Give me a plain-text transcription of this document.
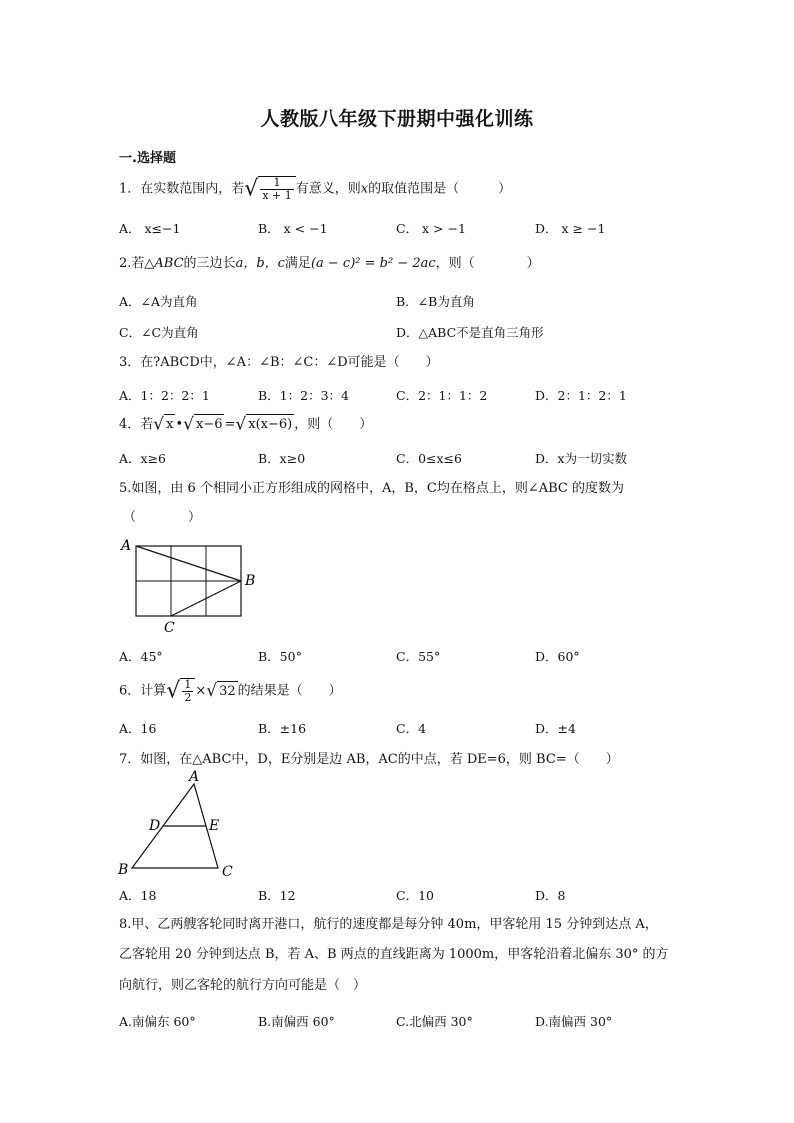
人教版八年级下册期中强化训练
一.选择题
1．在实数范围内，若√ $\frac{1}{x + 1}$ 有意义，则x的取值范围是（　　　）
A． x≤−1	B． x < −1	C． x > −1	D． x ≥ −1
2.若△ABC的三边长a，b，c满足(a − c)² = b² − 2ac，则（　　　　）
A．∠A为直角	B．∠B为直角
C．∠C为直角	D．△ABC不是直角三角形
3．在?ABCD中，∠A：∠B：∠C：∠D可能是（　　）
A．1：2：2：1	B．1：2：3：4	C．2：1：1：2	D．2：1：2：1
4．若√ x •√ x−6 =√ x(x−6) ，则（　　）
A．x≥6	B．x≥0	C．0≤x≤6	D．x为一切实数
5.如图，由 6 个相同小正方形组成的网格中，A，B，C均在格点上，则∠ABC 的度数为
（　　　　）
A
B
C
A．45°	B．50°	C．55°	D．60°
6．计算√ $\frac{1}{2}$ ×√ 32 的结果是（　　）
A．16	B．±16	C．4	D．±4
7．如图，在△ABC中，D，E分别是边 AB，AC的中点，若 DE=6，则 BC=（　　）
A
B	C
D	E
A．18	B．12	C．10	D．8
8.甲、乙两艘客轮同时离开港口，航行的速度都是每分钟 40m，甲客轮用 15 分钟到达点 A，
乙客轮用 20 分钟到达点 B，若 A、B 两点的直线距离为 1000m，甲客轮沿着北偏东 30° 的方
向航行，则乙客轮的航行方向可能是（　）
A.南偏东 60°	B.南偏西 60°	C.北偏西 30°	D.南偏西 30°
